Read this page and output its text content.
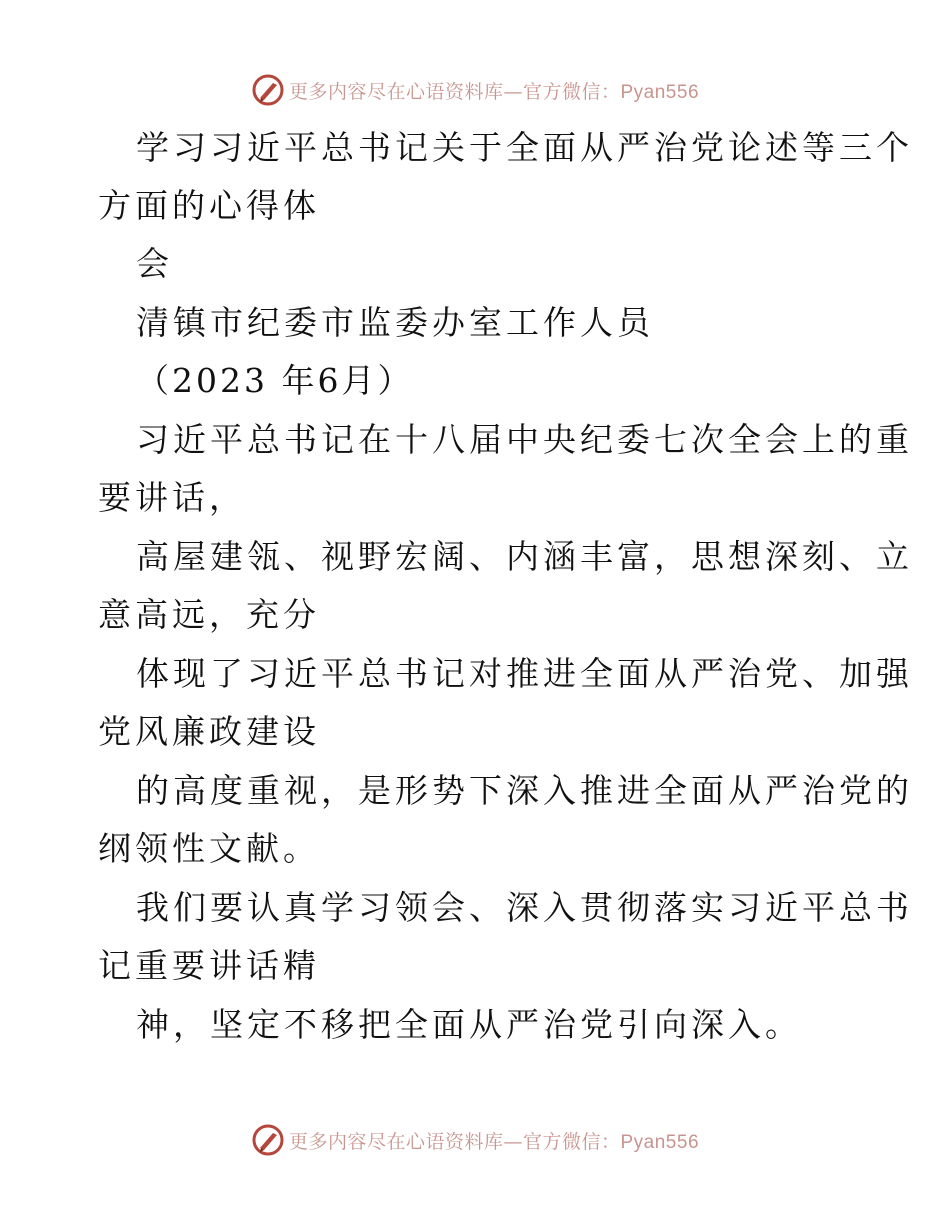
更多内容尽在心语资料库—官方微信：Pyan556
学习习近平总书记关于全面从严治党论述等三个
方面的心得体
会
清镇市纪委市监委办室工作人员
（2023 年6月）
习近平总书记在十八届中央纪委七次全会上的重
要讲话，
高屋建瓴、视野宏阔、内涵丰富，思想深刻、立
意高远，充分
体现了习近平总书记对推进全面从严治党、加强
党风廉政建设
的高度重视，是形势下深入推进全面从严治党的
纲领性文献。
我们要认真学习领会、深入贯彻落实习近平总书
记重要讲话精
神，坚定不移把全面从严治党引向深入。
更多内容尽在心语资料库—官方微信：Pyan556
